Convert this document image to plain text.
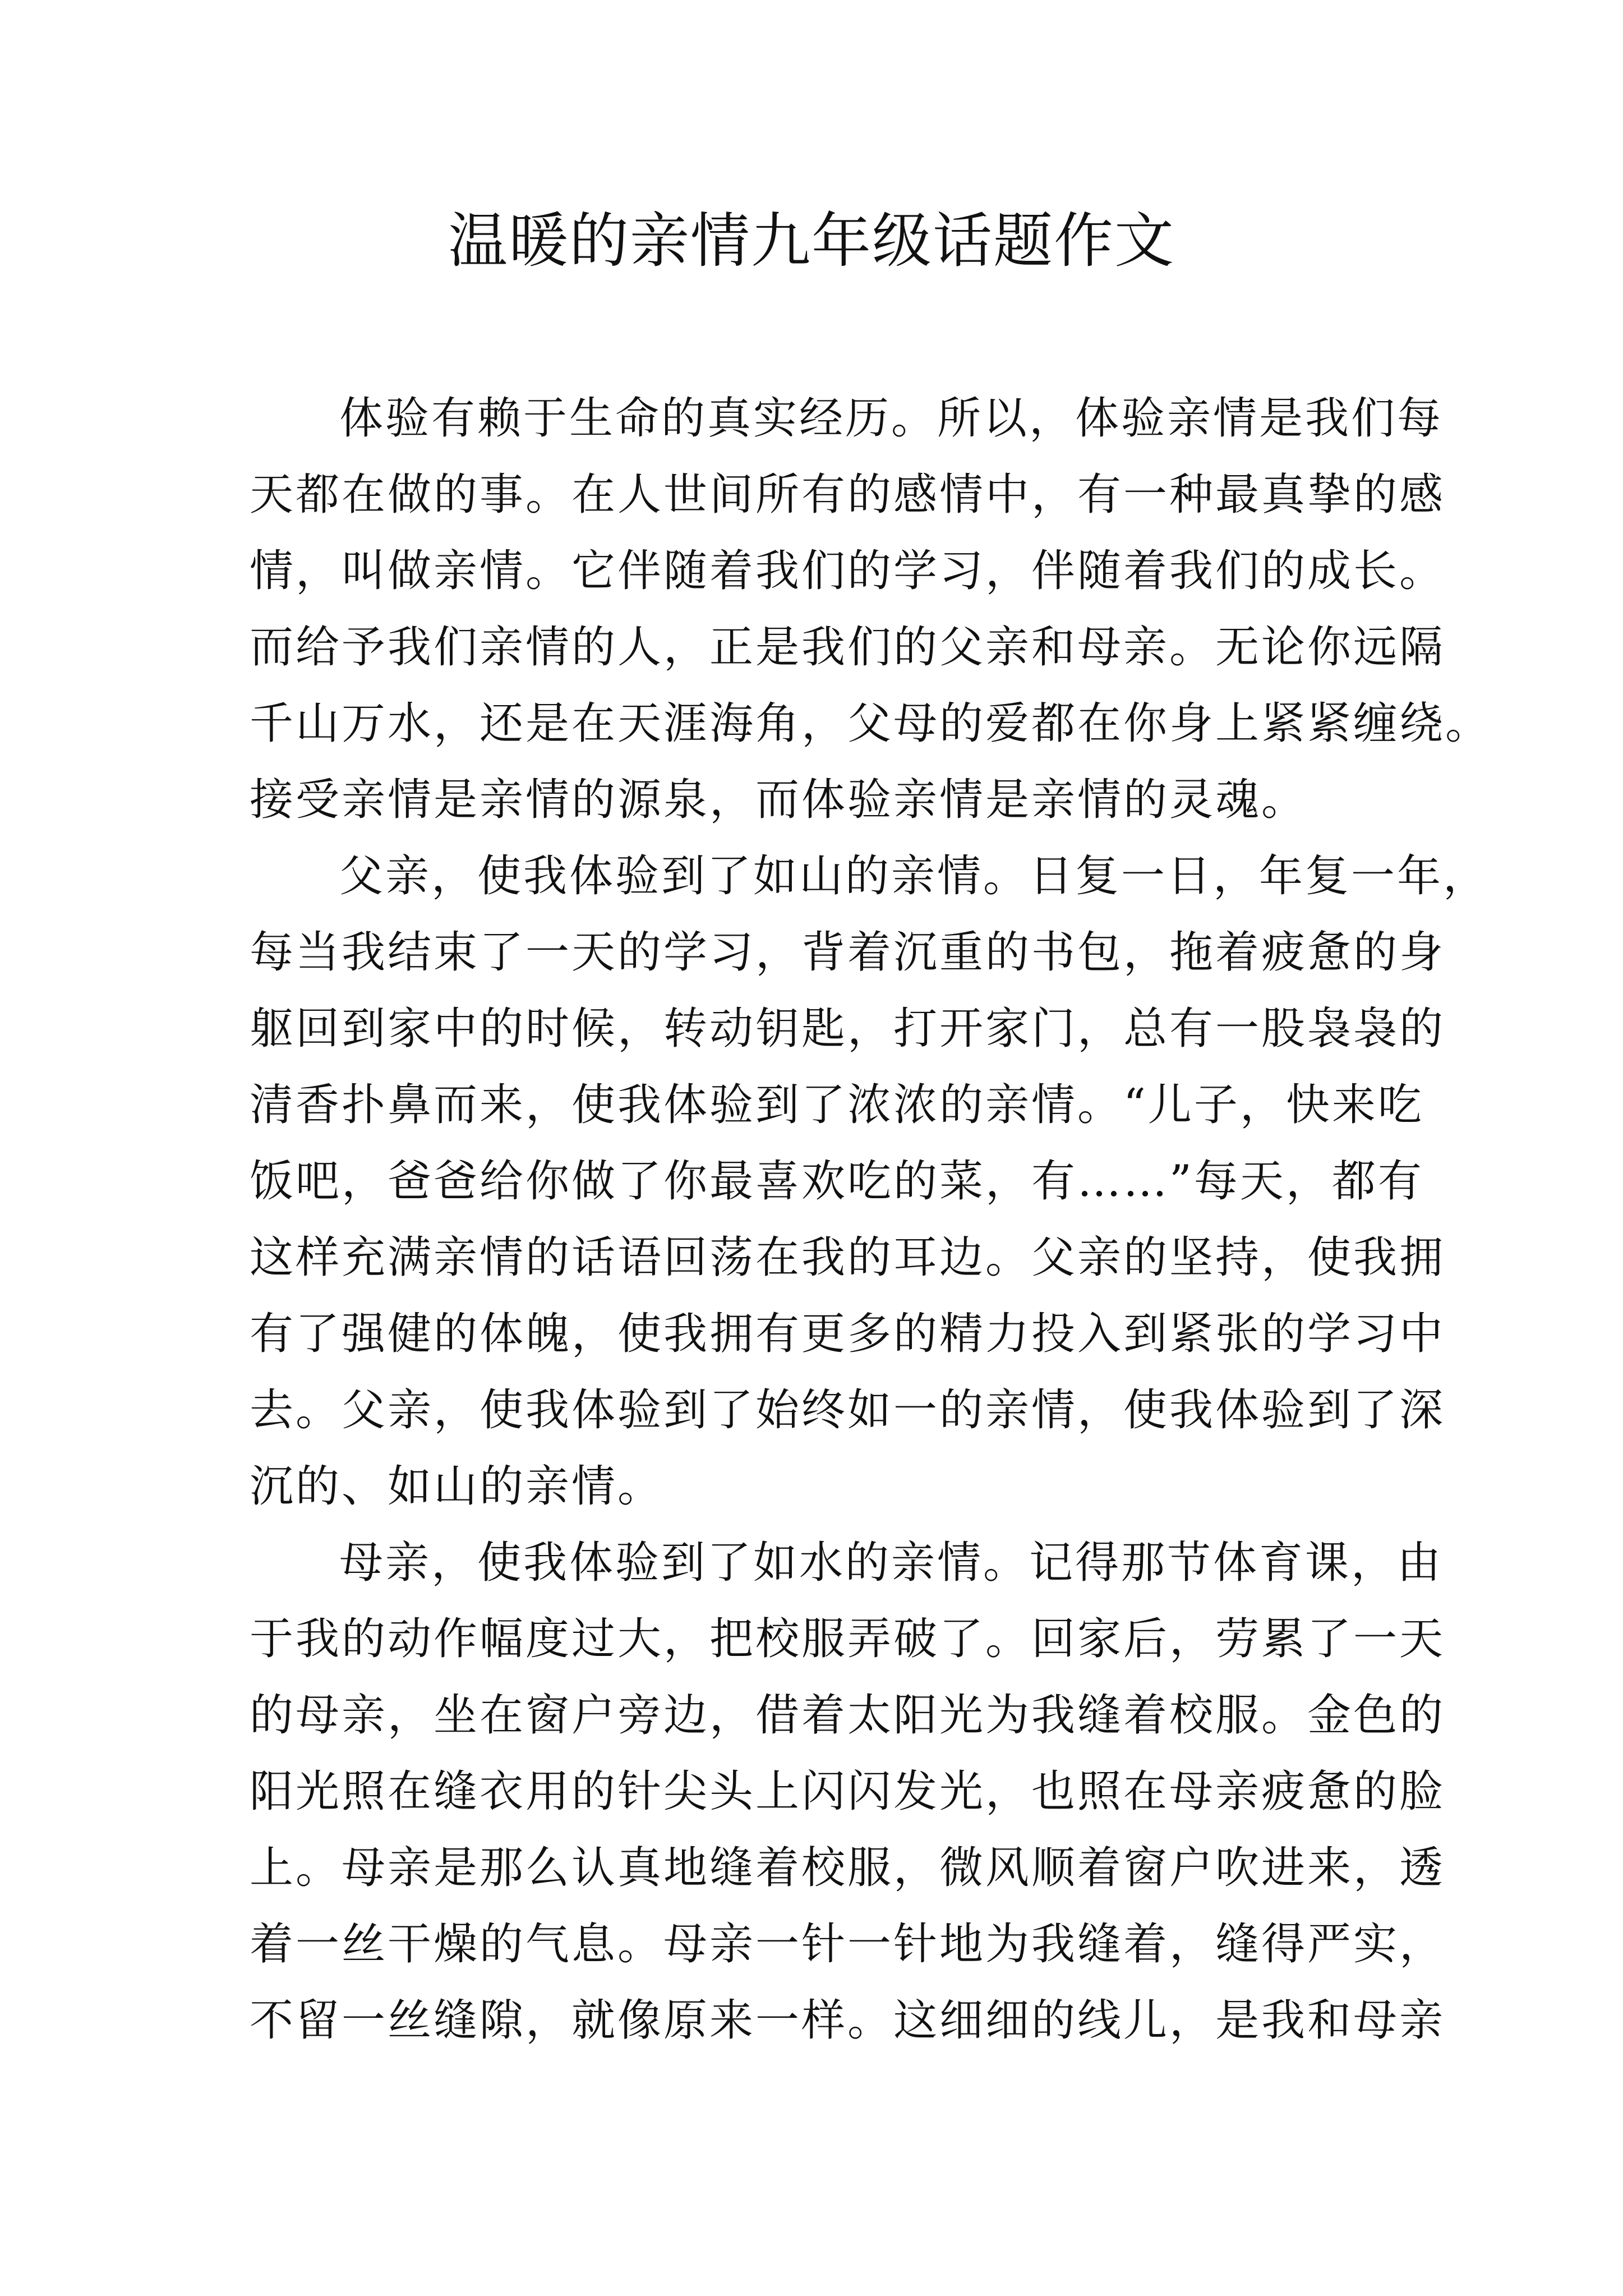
温暖的亲情九年级话题作文

体验有赖于生命的真实经历。所以，体验亲情是我们每
天都在做的事。在人世间所有的感情中，有一种最真挚的感
情，叫做亲情。它伴随着我们的学习，伴随着我们的成长。
而给予我们亲情的人，正是我们的父亲和母亲。无论你远隔
千山万水，还是在天涯海角，父母的爱都在你身上紧紧缠绕。
接受亲情是亲情的源泉，而体验亲情是亲情的灵魂。

父亲，使我体验到了如山的亲情。日复一日，年复一年，
每当我结束了一天的学习，背着沉重的书包，拖着疲惫的身
躯回到家中的时候，转动钥匙，打开家门，总有一股袅袅的
清香扑鼻而来，使我体验到了浓浓的亲情。“儿子，快来吃
饭吧，爸爸给你做了你最喜欢吃的菜，有……”每天，都有
这样充满亲情的话语回荡在我的耳边。父亲的坚持，使我拥
有了强健的体魄，使我拥有更多的精力投入到紧张的学习中
去。父亲，使我体验到了始终如一的亲情，使我体验到了深
沉的、如山的亲情。

母亲，使我体验到了如水的亲情。记得那节体育课，由
于我的动作幅度过大，把校服弄破了。回家后，劳累了一天
的母亲，坐在窗户旁边，借着太阳光为我缝着校服。金色的
阳光照在缝衣用的针尖头上闪闪发光，也照在母亲疲惫的脸
上。母亲是那么认真地缝着校服，微风顺着窗户吹进来，透
着一丝干燥的气息。母亲一针一针地为我缝着，缝得严实，
不留一丝缝隙，就像原来一样。这细细的线儿，是我和母亲
